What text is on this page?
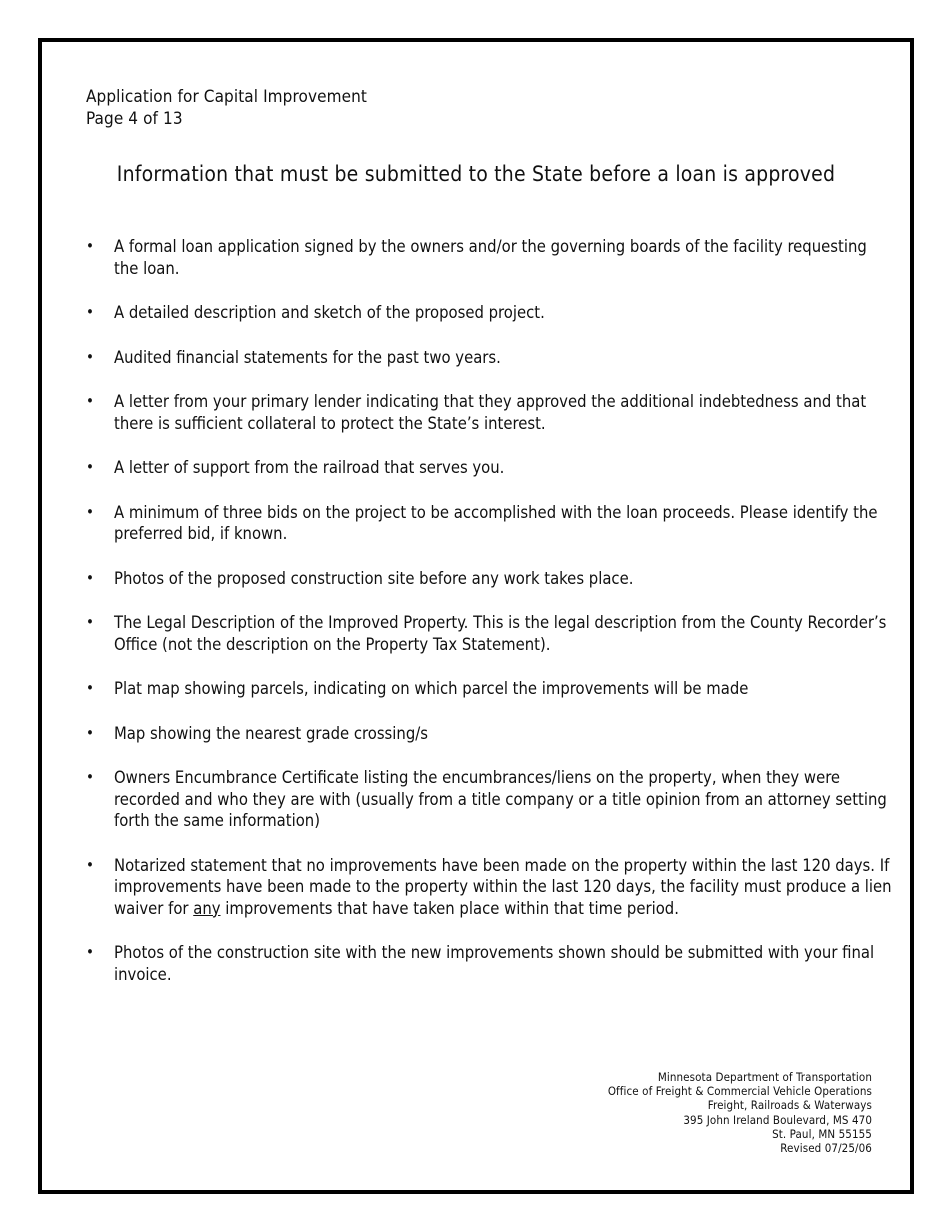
Application for Capital Improvement
Page 4 of 13
Information that must be submitted to the State before a loan is approved
•	A formal loan application signed by the owners and/or the governing boards of the facility requesting the loan.
•	A detailed description and sketch of the proposed project.
•	Audited financial statements for the past two years.
•	A letter from your primary lender indicating that they approved the additional indebtedness and that there is sufficient collateral to protect the State’s interest.
•	A letter of support from the railroad that serves you.
•	A minimum of three bids on the project to be accomplished with the loan proceeds. Please identify the preferred bid, if known.
•	Photos of the proposed construction site before any work takes place.
•	The Legal Description of the Improved Property. This is the legal description from the County Recorder’s Office (not the description on the Property Tax Statement).
•	Plat map showing parcels, indicating on which parcel the improvements will be made
•	Map showing the nearest grade crossing/s
•	Owners Encumbrance Certificate listing the encumbrances/liens on the property, when they were recorded and who they are with (usually from a title company or a title opinion from an attorney setting forth the same information)
•	Notarized statement that no improvements have been made on the property within the last 120 days. If improvements have been made to the property within the last 120 days, the facility must produce a lien waiver for any improvements that have taken place within that time period.
•	Photos of the construction site with the new improvements shown should be submitted with your final invoice.
Minnesota Department of Transportation
Office of Freight & Commercial Vehicle Operations
Freight, Railroads & Waterways
395 John Ireland Boulevard, MS 470
St. Paul, MN 55155
Revised 07/25/06
